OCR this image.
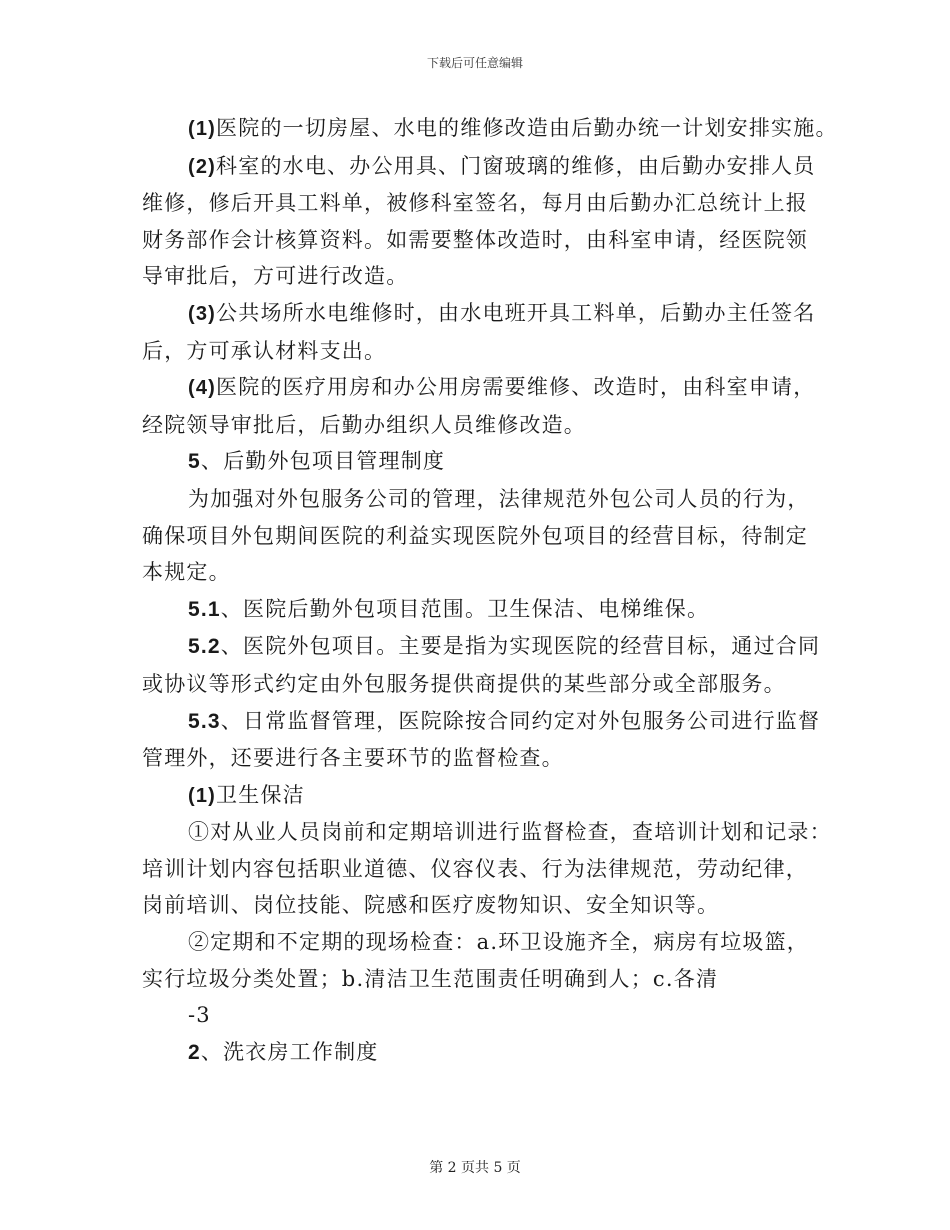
下载后可任意编辑

(1)医院的一切房屋、水电的维修改造由后勤办统一计划安排实施。

(2)科室的水电、办公用具、门窗玻璃的维修，由后勤办安排人员

维修，修后开具工料单，被修科室签名，每月由后勤办汇总统计上报

财务部作会计核算资料。如需要整体改造时，由科室申请，经医院领

导审批后，方可进行改造。

(3)公共场所水电维修时，由水电班开具工料单，后勤办主任签名

后，方可承认材料支出。

(4)医院的医疗用房和办公用房需要维修、改造时，由科室申请，

经院领导审批后，后勤办组织人员维修改造。

5、后勤外包项目管理制度

为加强对外包服务公司的管理，法律规范外包公司人员的行为，

确保项目外包期间医院的利益实现医院外包项目的经营目标，待制定

本规定。

5.1、医院后勤外包项目范围。卫生保洁、电梯维保。

5.2、医院外包项目。主要是指为实现医院的经营目标，通过合同

或协议等形式约定由外包服务提供商提供的某些部分或全部服务。

5.3、日常监督管理，医院除按合同约定对外包服务公司进行监督

管理外，还要进行各主要环节的监督检查。

(1)卫生保洁

①对从业人员岗前和定期培训进行监督检查，查培训计划和记录：

培训计划内容包括职业道德、仪容仪表、行为法律规范，劳动纪律，

岗前培训、岗位技能、院感和医疗废物知识、安全知识等。

②定期和不定期的现场检查：a.环卫设施齐全，病房有垃圾篮，

实行垃圾分类处置；b.清洁卫生范围责任明确到人；c.各清

-3

2、洗衣房工作制度

第 2 页共 5 页
